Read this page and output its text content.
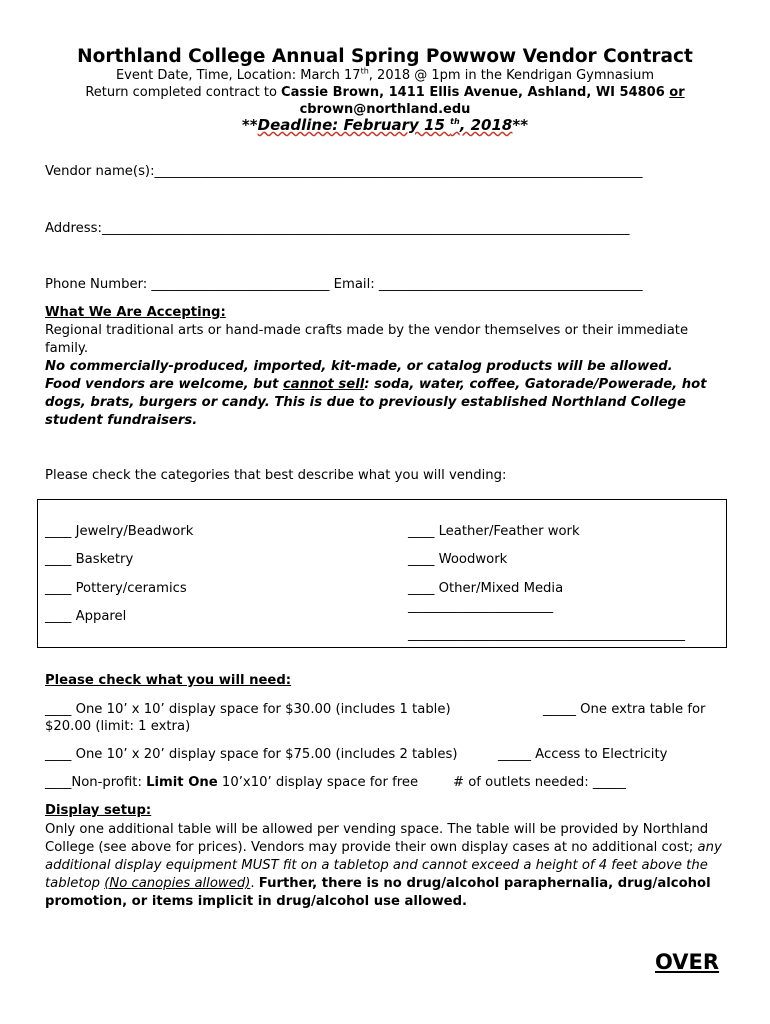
Northland College Annual Spring Powwow Vendor Contract
Event Date, Time, Location: March 17th, 2018 @ 1pm in the Kendrigan Gymnasium
Return completed contract to Cassie Brown, 1411 Ellis Avenue, Ashland, WI 54806 or
cbrown@northland.edu
**Deadline: February 15 $^{th}$, 2018**
Vendor name(s):__________________________________________________________________________
Address:________________________________________________________________________________
Phone Number: ___________________________ Email: ________________________________________
What We Are Accepting:
Regional traditional arts or hand-made crafts made by the vendor themselves or their immediate family.
No commercially-produced, imported, kit-made, or catalog products will be allowed.
Food vendors are welcome, but cannot sell: soda, water, coffee, Gatorade/Powerade, hot dogs, brats, burgers or candy. This is due to previously established Northland College student fundraisers.
Please check the categories that best describe what you will vending:
____ Jewelry/Beadwork
____ Basketry
____ Pottery/ceramics
____ Apparel
____ Leather/Feather work
____ Woodwork
____ Other/Mixed Media
______________________
__________________________________________
Please check what you will need:
____ One 10’ x 10’ display space for $30.00 (includes 1 table)	_____ One extra table for
$20.00 (limit: 1 extra)
____ One 10’ x 20’ display space for $75.00 (includes 2 tables)	_____ Access to Electricity
____Non-profit: Limit One 10’x10’ display space for free	# of outlets needed: _____
Display setup:
Only one additional table will be allowed per vending space. The table will be provided by Northland College (see above for prices). Vendors may provide their own display cases at no additional cost; any additional display equipment MUST fit on a tabletop and cannot exceed a height of 4 feet above the tabletop (No canopies allowed). Further, there is no drug/alcohol paraphernalia, drug/alcohol promotion, or items implicit in drug/alcohol use allowed.
OVER
